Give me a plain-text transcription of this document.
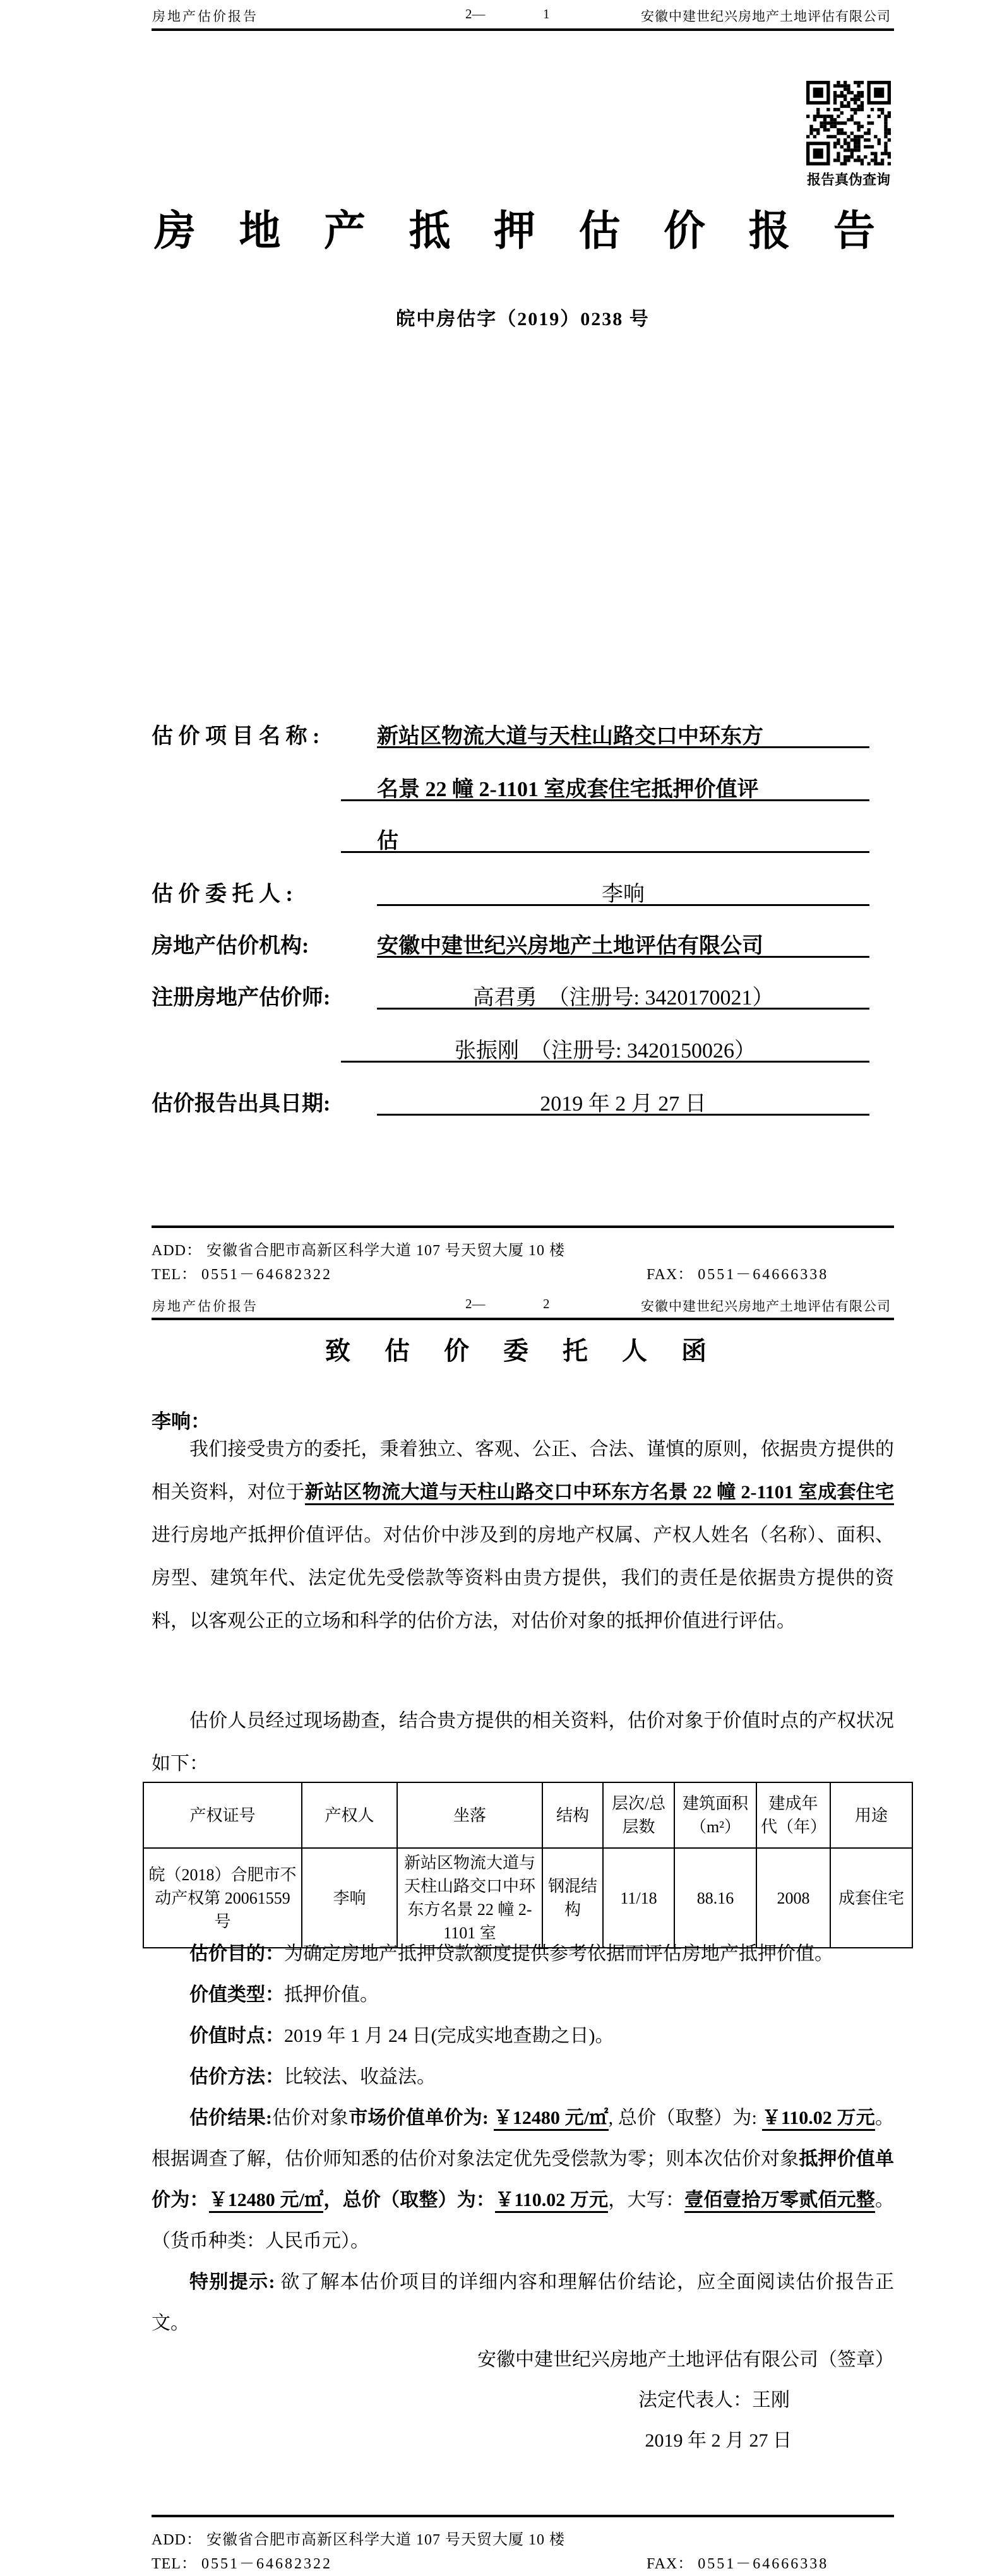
房地产估价报告	2—	1	安徽中建世纪兴房地产土地评估有限公司
报告真伪查询
房 地 产 抵 押 估 价 报 告
皖中房估字（2019）0238 号
估 价 项 目 名 称 :	新站区物流大道与天柱山路交口中环东方
名景 22 幢 2-1101 室成套住宅抵押价值评
估
估 价 委 托 人 :	李响
房地产估价机构:	安徽中建世纪兴房地产土地评估有限公司
注册房地产估价师:	高君勇　（注册号: 3420170021）
张振刚　（注册号: 3420150026）
估价报告出具日期:	2019 年 2 月 27 日
ADD： 安徽省合肥市高新区科学大道 107 号天贸大厦 10 楼
TEL： 0551－64682322	FAX： 0551－64666338
房地产估价报告	2—	2	安徽中建世纪兴房地产土地评估有限公司
致 估 价 委 托 人 函
李响：
我们接受贵方的委托，秉着独立、客观、公正、合法、谨慎的原则，依据贵方提供的相关资料，对位于新站区物流大道与天柱山路交口中环东方名景 22 幢 2-1101 室成套住宅进行房地产抵押价值评估。对估价中涉及到的房地产权属、产权人姓名（名称）、面积、房型、建筑年代、法定优先受偿款等资料由贵方提供，我们的责任是依据贵方提供的资料，以客观公正的立场和科学的估价方法，对估价对象的抵押价值进行评估。
估价人员经过现场勘查，结合贵方提供的相关资料，估价对象于价值时点的产权状况如下：
产权证号	产权人	坐落	结构	层次/总层数	建筑面积（m²）	建成年代（年）	用途
皖（2018）合肥市不动产权第 20061559 号	李响	新站区物流大道与天柱山路交口中环东方名景 22 幢 2-1101 室	钢混结构	11/18	88.16	2008	成套住宅
估价目的：为确定房地产抵押贷款额度提供参考依据而评估房地产抵押价值。
价值类型：抵押价值。
价值时点：2019 年 1 月 24 日(完成实地查勘之日)。
估价方法：比较法、收益法。
估价结果:估价对象市场价值单价为: ￥12480 元/㎡, 总价（取整）为: ￥110.02 万元。根据调查了解，估价师知悉的估价对象法定优先受偿款为零；则本次估价对象抵押价值单价为：￥12480 元/㎡，总价（取整）为：￥110.02 万元，大写：壹佰壹拾万零贰佰元整。（货币种类：人民币元）。
特别提示: 欲了解本估价项目的详细内容和理解估价结论，应全面阅读估价报告正文。
安徽中建世纪兴房地产土地评估有限公司（签章）
法定代表人：王刚
2019 年 2 月 27 日
ADD： 安徽省合肥市高新区科学大道 107 号天贸大厦 10 楼
TEL： 0551－64682322	FAX： 0551－64666338
